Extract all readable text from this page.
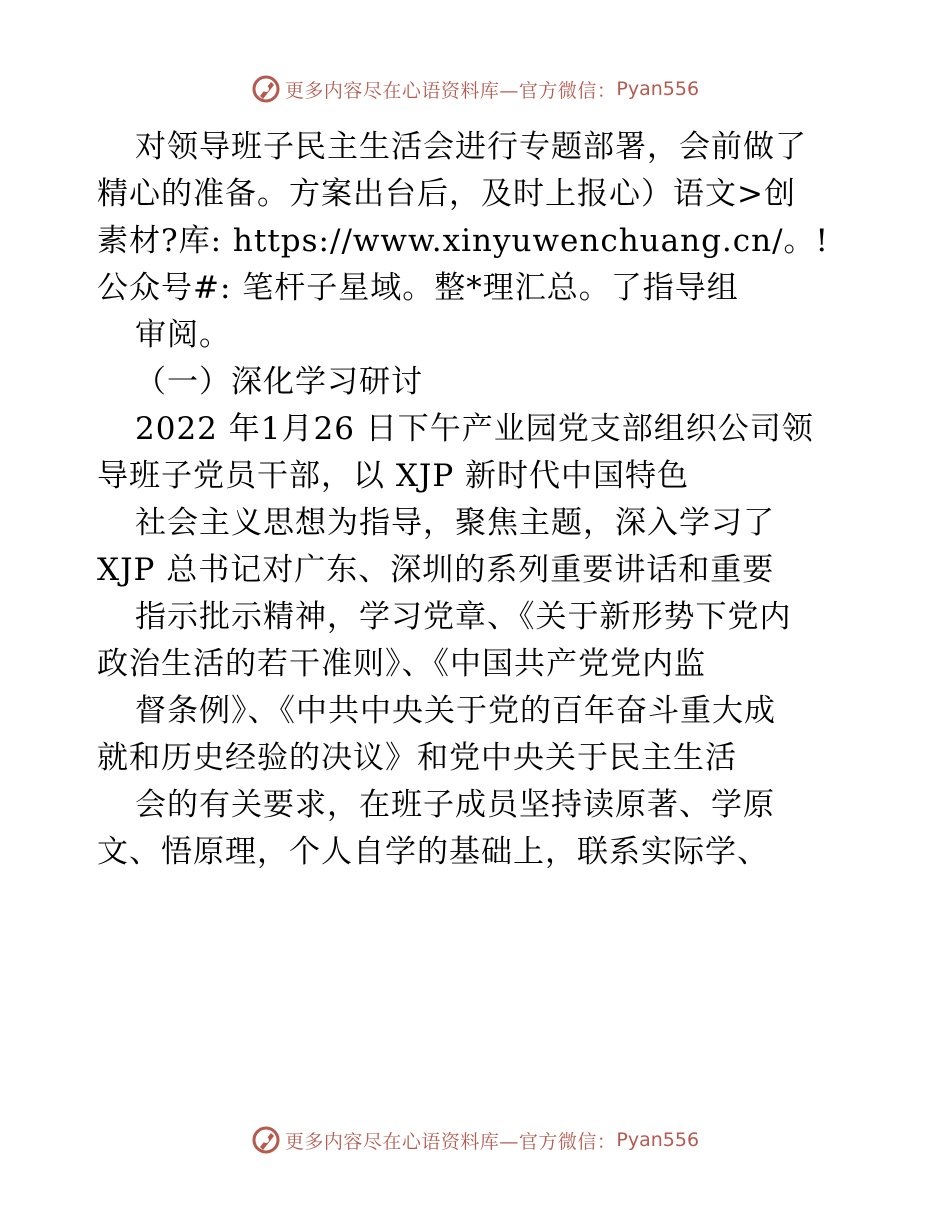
更多内容尽在心语资料库—官方微信： Pyan556
对领导班子民主生活会进行专题部署，会前做了
精心的准备。方案出台后，及时上报心）语文>创
素材?库: https://www.xinyuwenchuang.cn/。!
公众号#: 笔杆子星域。整*理汇总。了指导组
审阅。
（一）深化学习研讨
2022 年1月26 日下午产业园党支部组织公司领
导班子党员干部，以 XJP 新时代中国特色
社会主义思想为指导，聚焦主题，深入学习了
XJP 总书记对广东、深圳的系列重要讲话和重要
指示批示精神，学习党章、《关于新形势下党内
政治生活的若干准则》、《中国共产党党内监
督条例》、《中共中央关于党的百年奋斗重大成
就和历史经验的决议》和党中央关于民主生活
会的有关要求，在班子成员坚持读原著、学原
文、悟原理，个人自学的基础上，联系实际学、
更多内容尽在心语资料库—官方微信： Pyan556
